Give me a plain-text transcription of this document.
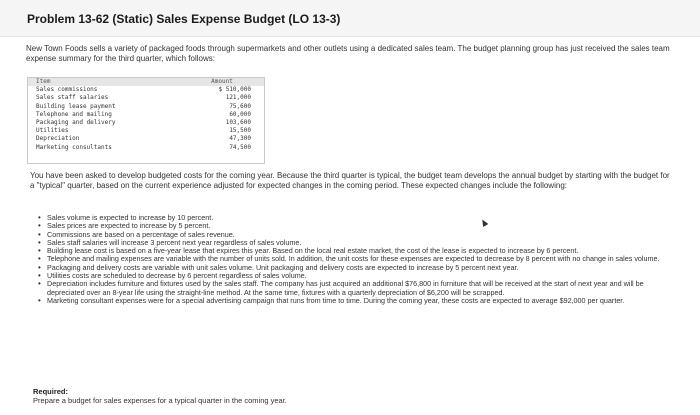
Problem 13-62 (Static) Sales Expense Budget (LO 13-3)
New Town Foods sells a variety of packaged foods through supermarkets and other outlets using a dedicated sales team. The budget planning group has just received the sales team expense summary for the third quarter, which follows:
Item
Sales commissions
Sales staff salaries
Building lease payment
Telephone and mailing
Packaging and delivery
Utilities
Depreciation
Marketing consultants
Amount
$ 510,000
121,000
75,600
60,000
103,600
15,500
47,300
74,500
You have been asked to develop budgeted costs for the coming year. Because the third quarter is typical, the budget team develops the annual budget by starting with the budget for a "typical" quarter, based on the current experience adjusted for expected changes in the coming period. These expected changes include the following:
• Sales volume is expected to increase by 10 percent.
• Sales prices are expected to increase by 5 percent.
• Commissions are based on a percentage of sales revenue.
• Sales staff salaries will increase 3 percent next year regardless of sales volume.
• Building lease cost is based on a five-year lease that expires this year. Based on the local real estate market, the cost of the lease is expected to increase by 6 percent.
• Telephone and mailing expenses are variable with the number of units sold. In addition, the unit costs for these expenses are expected to decrease by 8 percent with no change in sales volume.
• Packaging and delivery costs are variable with unit sales volume. Unit packaging and delivery costs are expected to increase by 5 percent next year.
• Utilities costs are scheduled to decrease by 6 percent regardless of sales volume.
• Depreciation includes furniture and fixtures used by the sales staff. The company has just acquired an additional $76,800 in furniture that will be received at the start of next year and will be depreciated over an 8-year life using the straight-line method. At the same time, fixtures with a quarterly depreciation of $6,200 will be scrapped.
• Marketing consultant expenses were for a special advertising campaign that runs from time to time. During the coming year, these costs are expected to average $92,000 per quarter.
Required:
Prepare a budget for sales expenses for a typical quarter in the coming year.
